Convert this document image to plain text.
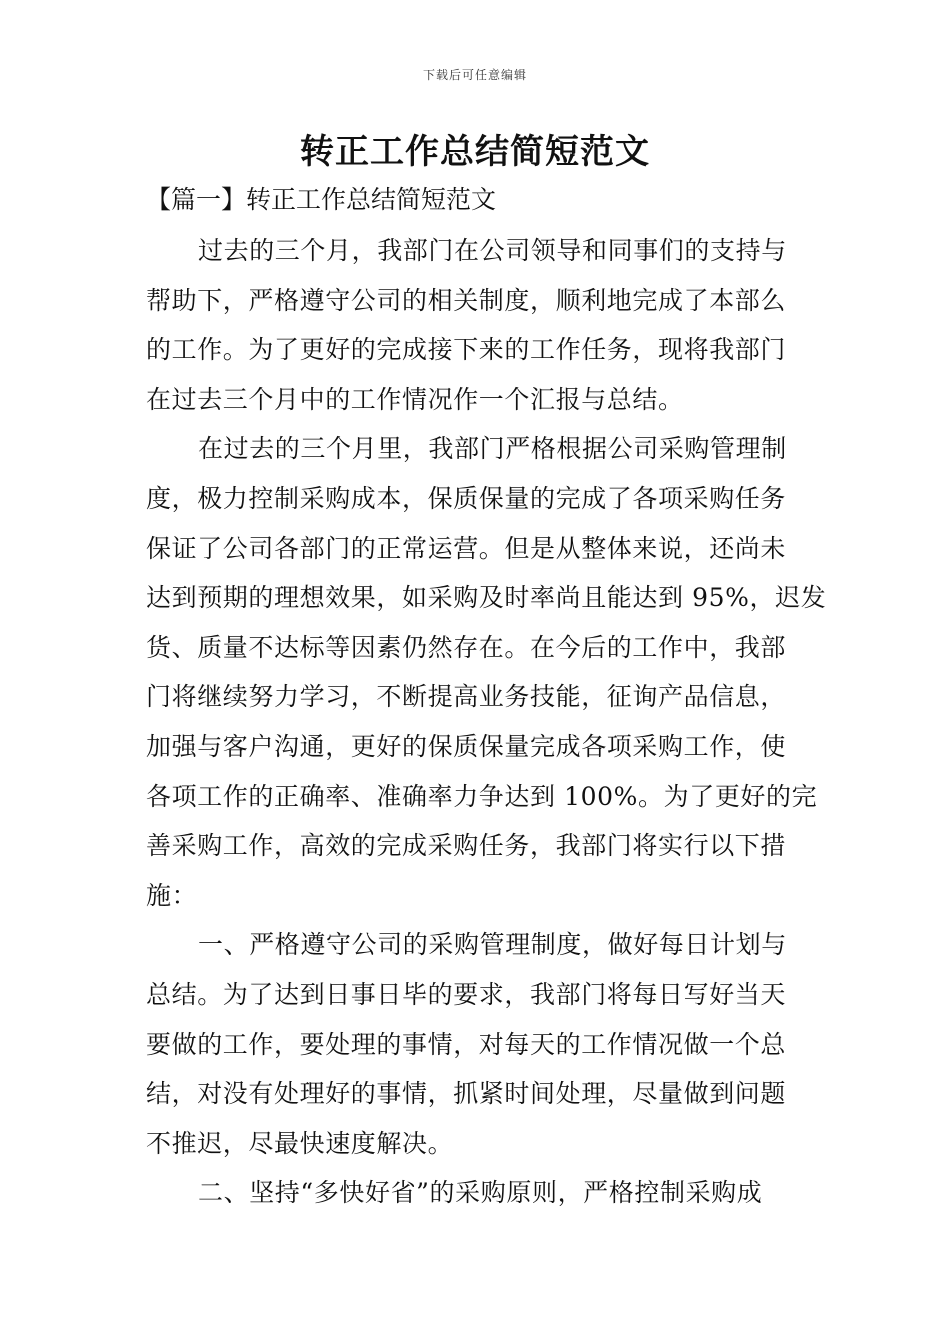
下载后可任意编辑
转正工作总结简短范文
【篇一】转正工作总结简短范文
过去的三个月，我部门在公司领导和同事们的支持与
帮助下，严格遵守公司的相关制度，顺利地完成了本部么
的工作。为了更好的完成接下来的工作任务，现将我部门
在过去三个月中的工作情况作一个汇报与总结。
在过去的三个月里，我部门严格根据公司采购管理制
度，极力控制采购成本，保质保量的完成了各项采购任务
保证了公司各部门的正常运营。但是从整体来说，还尚未
达到预期的理想效果，如采购及时率尚且能达到 95%，迟发
货、质量不达标等因素仍然存在。在今后的工作中，我部
门将继续努力学习，不断提高业务技能，征询产品信息，
加强与客户沟通，更好的保质保量完成各项采购工作，使
各项工作的正确率、准确率力争达到 100%。为了更好的完
善采购工作，高效的完成采购任务，我部门将实行以下措
施：
一、严格遵守公司的采购管理制度，做好每日计划与
总结。为了达到日事日毕的要求，我部门将每日写好当天
要做的工作，要处理的事情，对每天的工作情况做一个总
结，对没有处理好的事情，抓紧时间处理，尽量做到问题
不推迟，尽最快速度解决。
二、坚持“多快好省”的采购原则，严格控制采购成
